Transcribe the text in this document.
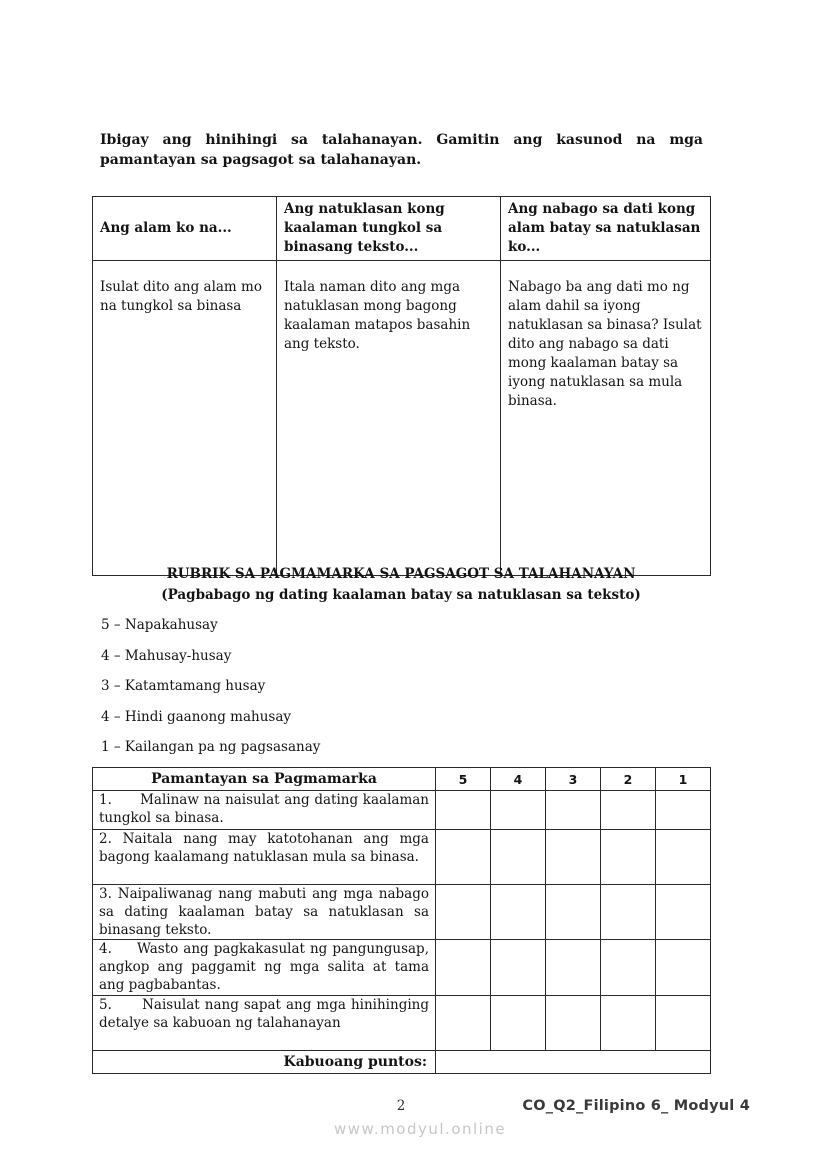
Ibigay ang hinihingi sa talahanayan. Gamitin ang kasunod na mga pamantayan sa pagsagot sa talahanayan.

Ang alam ko na...	Ang natuklasan kong kaalaman tungkol sa binasang teksto...	Ang nabago sa dati kong alam batay sa natuklasan ko...
Isulat dito ang alam mo na tungkol sa binasa	Itala naman dito ang mga natuklasan mong bagong kaalaman matapos basahin ang teksto.	Nabago ba ang dati mo ng alam dahil sa iyong natuklasan sa binasa? Isulat dito ang nabago sa dati mong kaalaman batay sa iyong natuklasan sa mula binasa.
RUBRIK SA PAGMAMARKA SA PAGSAGOT SA TALAHANAYAN
(Pagbabago ng dating kaalaman batay sa natuklasan sa teksto)
5 – Napakahusay
4 – Mahusay-husay
3 – Katamtamang husay
4 – Hindi gaanong mahusay
1 – Kailangan pa ng pagsasanay
Pamantayan sa Pagmamarka	5	4	3	2	1
1.      Malinaw na naisulat ang dating kaalaman tungkol sa binasa.					
2. Naitala nang may katotohanan ang mga bagong kaalamang natuklasan mula sa binasa.					
3. Naipaliwanag nang mabuti ang mga nabago sa dating kaalaman batay sa natuklasan sa binasang teksto.					
4.     Wasto ang pagkakasulat ng pangungusap, angkop ang paggamit ng mga salita at tama ang pagbabantas.					
5.      Naisulat nang sapat ang mga hinihinging detalye sa kabuoan ng talahanayan					
Kabuoang puntos:					
2	CO_Q2_Filipino 6_ Modyul 4
www.modyul.online
